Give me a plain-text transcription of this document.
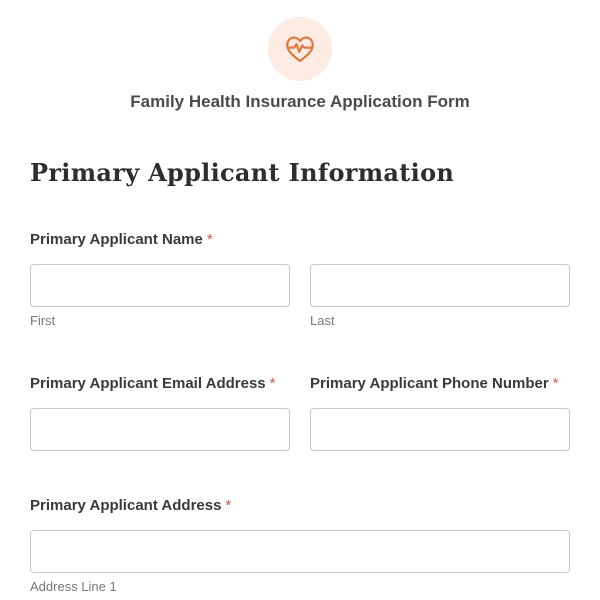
Family Health Insurance Application Form
Primary Applicant Information
Primary Applicant Name *
First	Last
Primary Applicant Email Address * Primary Applicant Phone Number *
Primary Applicant Address *
Address Line 1
